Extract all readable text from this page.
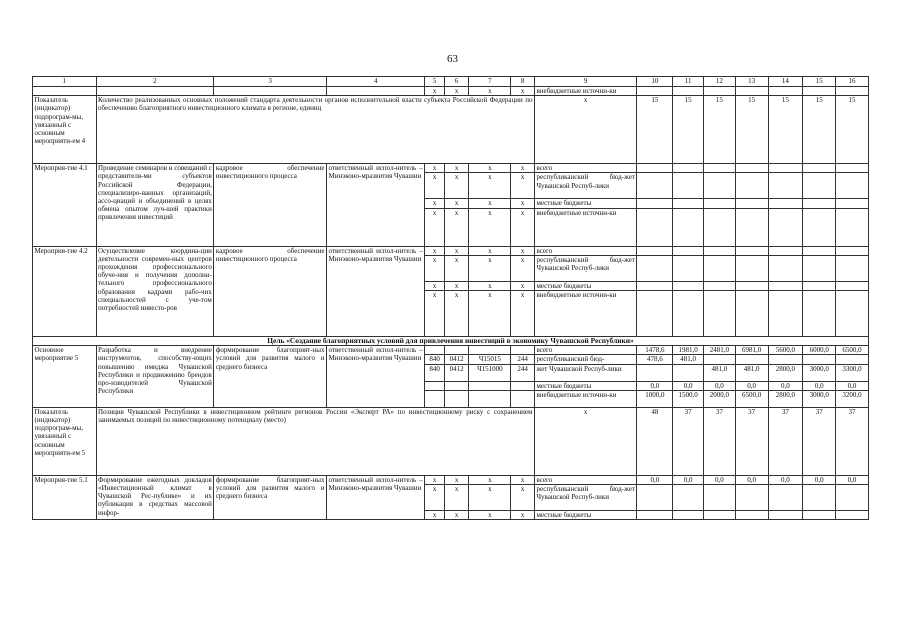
63
1	2	3	4	5	6	7	8	9	10	11	12	13	14	15	16
				x	x	x	x	внебюджетные источни-ки							
Показатель (индикатор) подпрограм-мы, увязанный с основным мероприяти-ем 4	Количество реализованных основных положений стандарта деятельности органов исполнительной власти субъекта Российской Федерации по обеспечению благоприятного инвестиционного климата в регионе, единиц							x	15	15	15	15	15	15	15
Мероприя-тие 4.1	Проведение семинаров и совещаний с представителя-ми субъектов Российской Федерации, специализиро-ванных организаций, ассо-циаций и объединений в целях обмена опытом луч-шей практики привлечения инвестиций	кадровое обеспечение инвестиционного процесса	ответственный испол-нитель – Минэконо-мразвития Чувашии	x	x	x	x	всего							
				x	x	x	x	республиканский бюд-жет Чувашской Респуб-лики							
				x	x	x	x	местные бюджеты							
				x	x	x	x	внебюджетные источни-ки							
Мероприя-тие 4.2	Осуществление координа-ции деятельности современ-ных центров прохождения профессионального обуче-ния и получения дополни-тельного профессионального образования кадрами рабо-чих специальностей с уче-том потребностей инвесто-ров	кадровое обеспечение инвестиционного процесса	ответственный испол-нитель – Минэконо-мразвития Чувашии	x	x	x	x	всего							
				x	x	x	x	республиканский бюд-жет Чувашской Респуб-лики							
				x	x	x	x	местные бюджеты							
				x	x	x	x	внебюджетные источни-ки							
Цель «Создание благоприятных условий для привлечения инвестиций в экономику Чувашской Республики»															
Основное мероприятие 5	Разработка и внедрение инструментов, способству-ющих повышению имиджа Чувашской Республики и продвижению брендов про-изводителей Чувашской Республики	формирование благоприят-ных условий для развития малого и среднего бизнеса	ответственный испол-нитель – Минэконо-мразвития Чувашии					всего	1478,6	1981,0	2481,0	6981,0	5600,0	6000,0	6500,0
				840	0412	Ч15015	244	республиканский бюд-	478,6	481,0					
				840	0412	Ч151000	244	жет Чувашской Респуб-лики			481,0	481,0	2800,0	3000,0	3300,0
								местные бюджеты	0,0	0,0	0,0	0,0	0,0	0,0	0,0
								внебюджетные источни-ки	1000,0	1500,0	2000,0	6500,0	2800,0	3000,0	3200,0
Показатель (индикатор) подпрограм-мы, увязанный с основным мероприяти-ем 5	Позиция Чувашской Республики в инвестиционном рейтинге регионов России «Эксперт РА» по инвестиционному риску с сохранением занимаемых позиций по инвестиционному потенциалу (место)							x	48	37	37	37	37	37	37
Мероприя-тие 5.1	Формирование ежегодных докладов «Инвестиционный климат в Чувашской Рес-публике» и их публикация в средствах массовой инфор-	формирование благоприят-ных условий для развития малого и среднего бизнеса	ответственный испол-нитель – Минэконо-мразвития Чувашии	x	x	x	x	всего	0,0	0,0	0,0	0,0	0,0	0,0	0,0
				x	x	x	x	республиканский бюд-жет Чувашской Респуб-лики							
				x	x	x	x	местные бюджеты							
